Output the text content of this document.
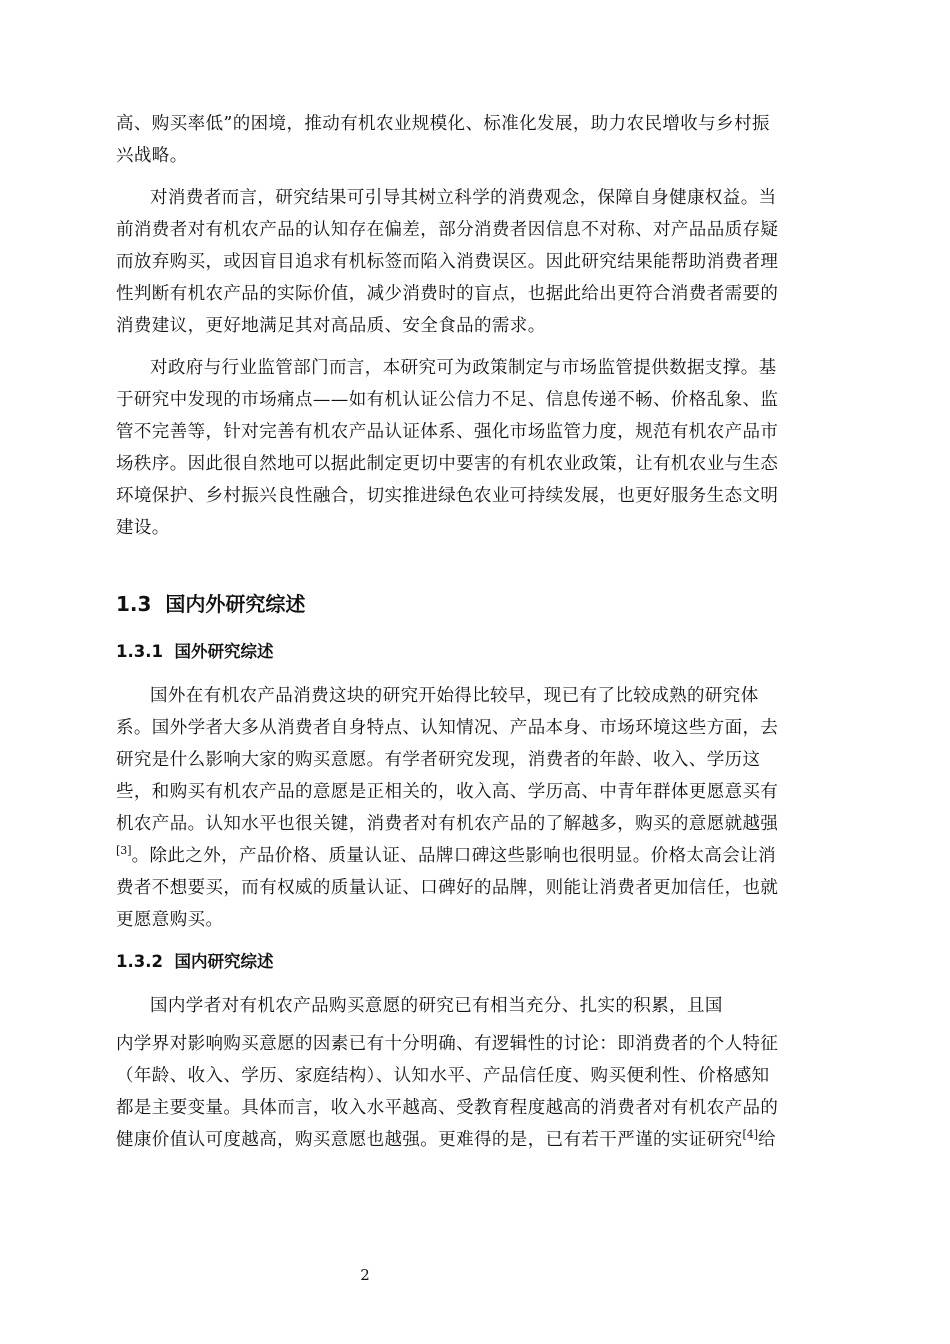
高、购买率低”的困境，推动有机农业规模化、标准化发展，助力农民增收与乡村振
兴战略。
对消费者而言，研究结果可引导其树立科学的消费观念，保障自身健康权益。当
前消费者对有机农产品的认知存在偏差，部分消费者因信息不对称、对产品品质存疑
而放弃购买，或因盲目追求有机标签而陷入消费误区。因此研究结果能帮助消费者理
性判断有机农产品的实际价值，减少消费时的盲点，也据此给出更符合消费者需要的
消费建议，更好地满足其对高品质、安全食品的需求。
对政府与行业监管部门而言，本研究可为政策制定与市场监管提供数据支撑。基
于研究中发现的市场痛点——如有机认证公信力不足、信息传递不畅、价格乱象、监
管不完善等，针对完善有机农产品认证体系、强化市场监管力度，规范有机农产品市
场秩序。因此很自然地可以据此制定更切中要害的有机农业政策，让有机农业与生态
环境保护、乡村振兴良性融合，切实推进绿色农业可持续发展，也更好服务生态文明
建设。
1.3 国内外研究综述
1.3.1 国外研究综述
国外在有机农产品消费这块的研究开始得比较早，现已有了比较成熟的研究体
系。国外学者大多从消费者自身特点、认知情况、产品本身、市场环境这些方面，去
研究是什么影响大家的购买意愿。有学者研究发现，消费者的年龄、收入、学历这
些，和购买有机农产品的意愿是正相关的，收入高、学历高、中青年群体更愿意买有
机农产品。认知水平也很关键，消费者对有机农产品的了解越多，购买的意愿就越强
[3]。除此之外，产品价格、质量认证、品牌口碑这些影响也很明显。价格太高会让消
费者不想要买，而有权威的质量认证、口碑好的品牌，则能让消费者更加信任，也就
更愿意购买。
1.3.2 国内研究综述
国内学者对有机农产品购买意愿的研究已有相当充分、扎实的积累，且国
内学界对影响购买意愿的因素已有十分明确、有逻辑性的讨论：即消费者的个人特征
（年龄、收入、学历、家庭结构）、认知水平、产品信任度、购买便利性、价格感知
都是主要变量。具体而言，收入水平越高、受教育程度越高的消费者对有机农产品的
健康价值认可度越高，购买意愿也越强。更难得的是，已有若干严谨的实证研究[4]给
2
